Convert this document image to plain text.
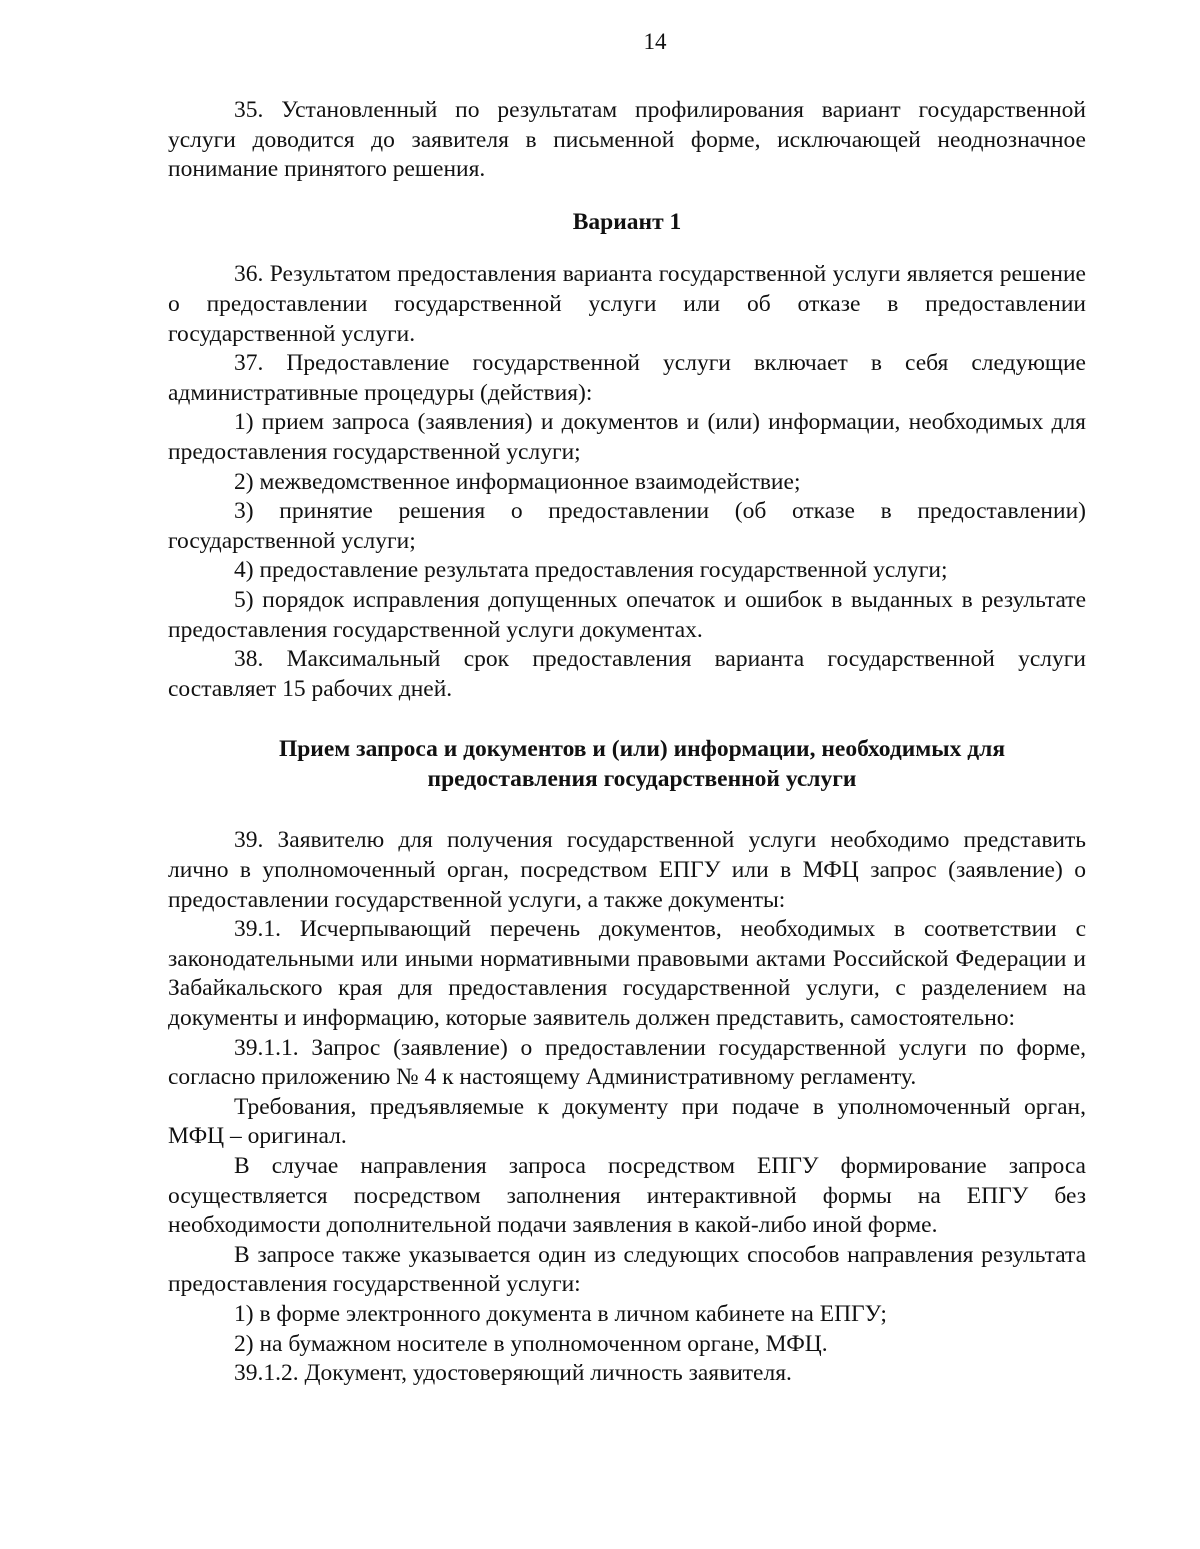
14

35. Установленный по результатам профилирования вариант государственной услуги доводится до заявителя в письменной форме, исключающей неоднозначное понимание принятого решения.

Вариант 1

36. Результатом предоставления варианта государственной услуги является решение о предоставлении государственной услуги или об отказе в предоставлении государственной услуги.

37. Предоставление государственной услуги включает в себя следующие административные процедуры (действия):

1) прием запроса (заявления) и документов и (или) информации, необходимых для предоставления государственной услуги;

2) межведомственное информационное взаимодействие;

3) принятие решения о предоставлении (об отказе в предоставлении) государственной услуги;

4) предоставление результата предоставления государственной услуги;

5) порядок исправления допущенных опечаток и ошибок в выданных в результате предоставления государственной услуги документах.

38. Максимальный срок предоставления варианта государственной услуги составляет 15 рабочих дней.

Прием запроса и документов и (или) информации, необходимых для предоставления государственной услуги

39. Заявителю для получения государственной услуги необходимо представить лично в уполномоченный орган, посредством ЕПГУ или в МФЦ запрос (заявление) о предоставлении государственной услуги, а также документы:

39.1. Исчерпывающий перечень документов, необходимых в соответствии с законодательными или иными нормативными правовыми актами Российской Федерации и Забайкальского края для предоставления государственной услуги, с разделением на документы и информацию, которые заявитель должен представить, самостоятельно:

39.1.1. Запрос (заявление) о предоставлении государственной услуги по форме, согласно приложению № 4 к настоящему Административному регламенту.

Требования, предъявляемые к документу при подаче в уполномоченный орган, МФЦ – оригинал.

В случае направления запроса посредством ЕПГУ формирование запроса осуществляется посредством заполнения интерактивной формы на ЕПГУ без необходимости дополнительной подачи заявления в какой-либо иной форме.

В запросе также указывается один из следующих способов направления результата предоставления государственной услуги:

1) в форме электронного документа в личном кабинете на ЕПГУ;

2) на бумажном носителе в уполномоченном органе, МФЦ.

39.1.2. Документ, удостоверяющий личность заявителя.
